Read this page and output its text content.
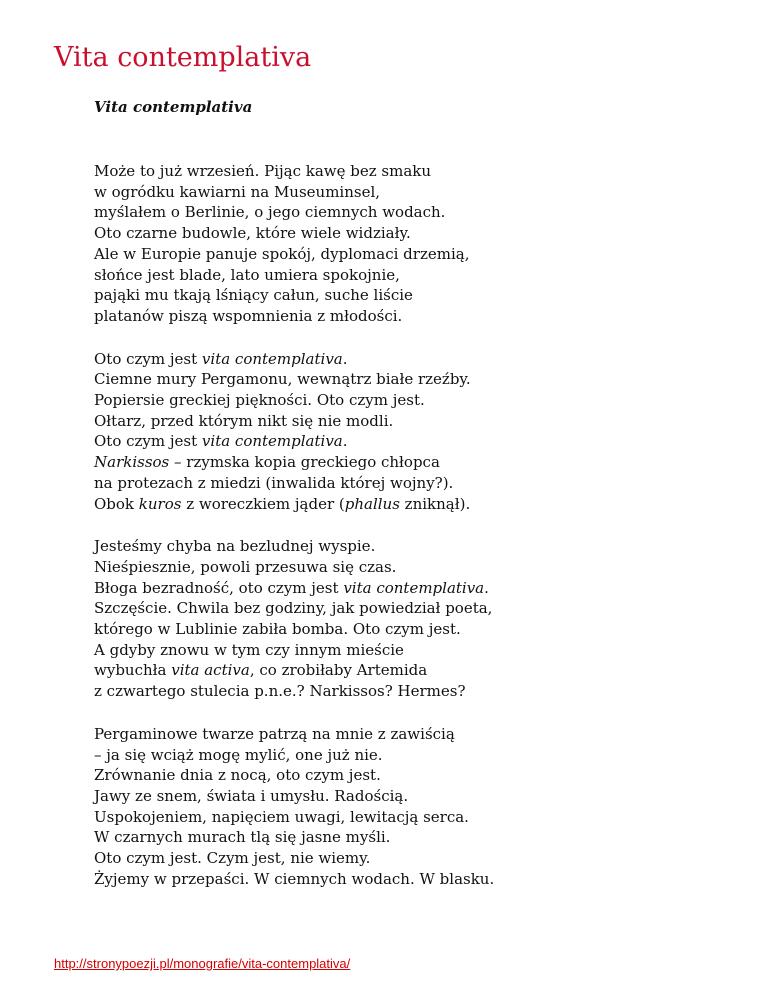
Vita contemplativa
Vita contemplativa
Może to już wrzesień. Pijąc kawę bez smaku
w ogródku kawiarni na Museuminsel,
myślałem o Berlinie, o jego ciemnych wodach.
Oto czarne budowle, które wiele widziały.
Ale w Europie panuje spokój, dyplomaci drzemią,
słońce jest blade, lato umiera spokojnie,
pająki mu tkają lśniący całun, suche liście
platanów piszą wspomnienia z młodości.
Oto czym jest vita contemplativa.
Ciemne mury Pergamonu, wewnątrz białe rzeźby.
Popiersie greckiej piękności. Oto czym jest.
Ołtarz, przed którym nikt się nie modli.
Oto czym jest vita contemplativa.
Narkissos – rzymska kopia greckiego chłopca
na protezach z miedzi (inwalida której wojny?).
Obok kuros z woreczkiem jąder (phallus zniknął).
Jesteśmy chyba na bezludnej wyspie.
Nieśpiesznie, powoli przesuwa się czas.
Błoga bezradność, oto czym jest vita contemplativa.
Szczęście. Chwila bez godziny, jak powiedział poeta,
którego w Lublinie zabiła bomba. Oto czym jest.
A gdyby znowu w tym czy innym mieście
wybuchła vita activa, co zrobiłaby Artemida
z czwartego stulecia p.n.e.? Narkissos? Hermes?
Pergaminowe twarze patrzą na mnie z zawiścią
– ja się wciąż mogę mylić, one już nie.
Zrównanie dnia z nocą, oto czym jest.
Jawy ze snem, świata i umysłu. Radością.
Uspokojeniem, napięciem uwagi, lewitacją serca.
W czarnych murach tlą się jasne myśli.
Oto czym jest. Czym jest, nie wiemy.
Żyjemy w przepaści. W ciemnych wodach. W blasku.
http://stronypoezji.pl/monografie/vita-contemplativa/
